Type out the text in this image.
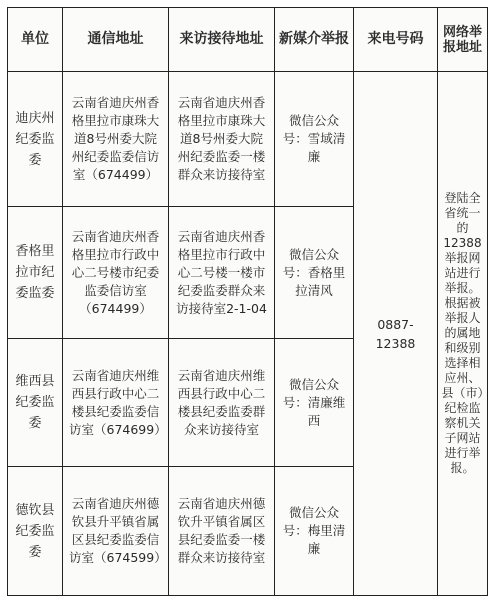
单位	通信地址	来访接待地址	新媒介举报	来电号码	网络举报地址
迪庆州纪委监委	云南省迪庆州香格里拉市康珠大道8号州委大院州纪委监委信访室（674499）	云南省迪庆州香格里拉市康珠大道8号州委大院州纪委监委一楼群众来访接待室	微信公众号：雪域清廉	0887-12388	登陆全省统一的12388举报网站进行举报。根据被举报人的属地和级别选择相应州、县（市）纪检监察机关子网站进行举报。
香格里拉市纪委监委	云南省迪庆州香格里拉市行政中心二号楼市纪委监委信访室（674499）	云南省迪庆州香格里拉市行政中心二号楼一楼市纪委监委群众来访接待室2-1-04	微信公众号：香格里拉清风		
维西县纪委监委	云南省迪庆州维西县行政中心二楼县纪委监委信访室（674699）	云南省迪庆州维西县行政中心二楼县纪委监委群众来访接待室	微信公众号：清廉维西		
德钦县纪委监委	云南省迪庆州德钦县升平镇省属区县纪委监委信访室（674599）	云南省迪庆州德钦升平镇省属区县纪委监委一楼群众来访接待室	微信公众号：梅里清廉		
